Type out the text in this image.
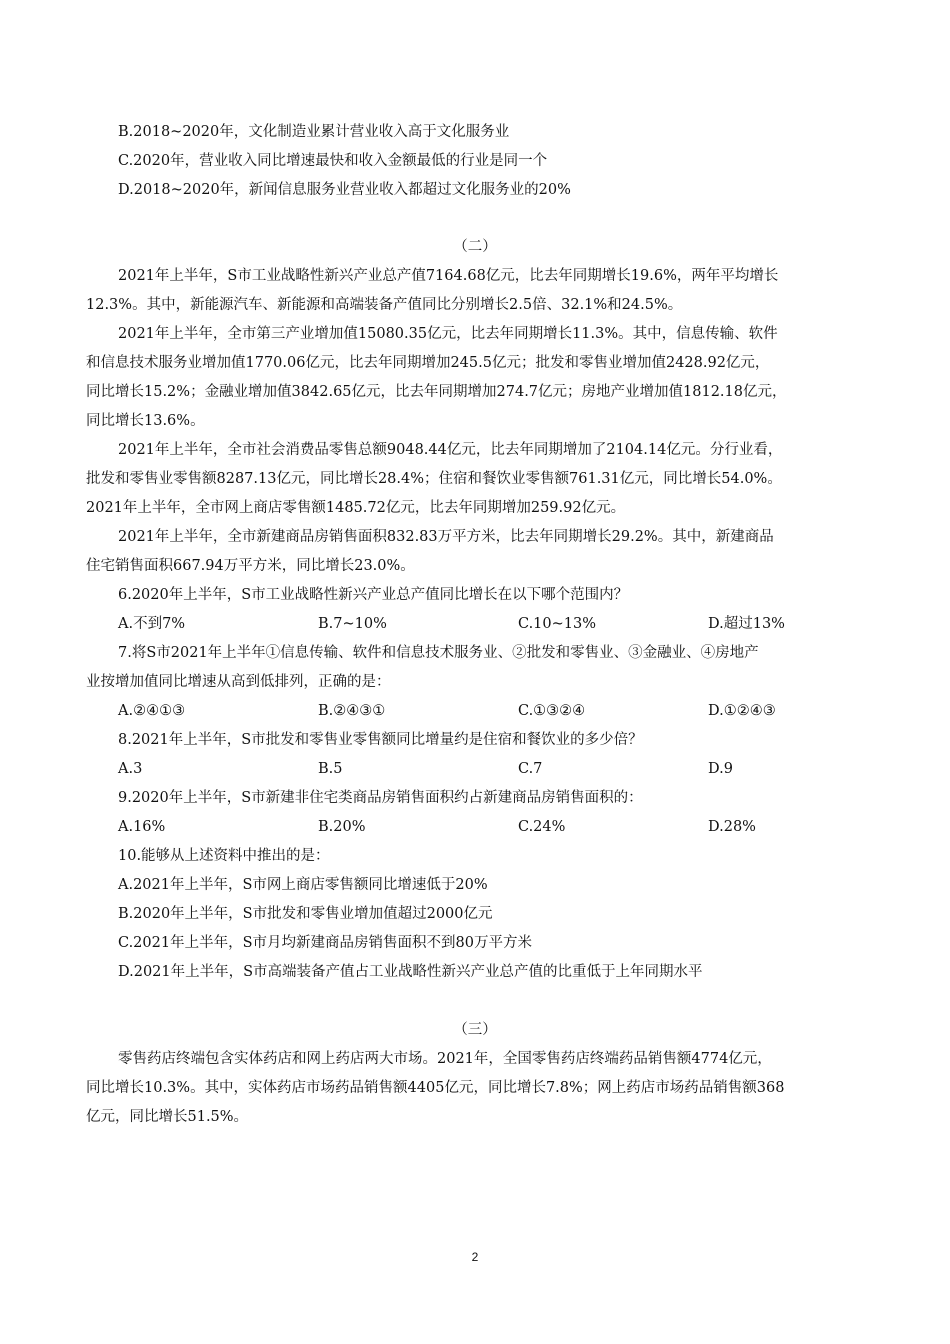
B.2018~2020年，文化制造业累计营业收入高于文化服务业
C.2020年，营业收入同比增速最快和收入金额最低的行业是同一个
D.2018~2020年，新闻信息服务业营业收入都超过文化服务业的20%
（二）
2021年上半年，S市工业战略性新兴产业总产值7164.68亿元，比去年同期增长19.6%，两年平均增长
12.3%。其中，新能源汽车、新能源和高端装备产值同比分别增长2.5倍、32.1%和24.5%。
2021年上半年，全市第三产业增加值15080.35亿元，比去年同期增长11.3%。其中，信息传输、软件
和信息技术服务业增加值1770.06亿元，比去年同期增加245.5亿元；批发和零售业增加值2428.92亿元，
同比增长15.2%；金融业增加值3842.65亿元，比去年同期增加274.7亿元；房地产业增加值1812.18亿元，
同比增长13.6%。
2021年上半年，全市社会消费品零售总额9048.44亿元，比去年同期增加了2104.14亿元。分行业看，
批发和零售业零售额8287.13亿元，同比增长28.4%；住宿和餐饮业零售额761.31亿元，同比增长54.0%。
2021年上半年，全市网上商店零售额1485.72亿元，比去年同期增加259.92亿元。
2021年上半年，全市新建商品房销售面积832.83万平方米，比去年同期增长29.2%。其中，新建商品
住宅销售面积667.94万平方米，同比增长23.0%。
6.2020年上半年，S市工业战略性新兴产业总产值同比增长在以下哪个范围内？
A.不到7%	B.7~10%	C.10~13%	D.超过13%
7.将S市2021年上半年①信息传输、软件和信息技术服务业、②批发和零售业、③金融业、④房地产
业按增加值同比增速从高到低排列，正确的是：
A.②④①③	B.②④③①	C.①③②④	D.①②④③
8.2021年上半年，S市批发和零售业零售额同比增量约是住宿和餐饮业的多少倍？
A.3	B.5	C.7	D.9
9.2020年上半年，S市新建非住宅类商品房销售面积约占新建商品房销售面积的：
A.16%	B.20%	C.24%	D.28%
10.能够从上述资料中推出的是：
A.2021年上半年，S市网上商店零售额同比增速低于20%
B.2020年上半年，S市批发和零售业增加值超过2000亿元
C.2021年上半年，S市月均新建商品房销售面积不到80万平方米
D.2021年上半年，S市高端装备产值占工业战略性新兴产业总产值的比重低于上年同期水平
（三）
零售药店终端包含实体药店和网上药店两大市场。2021年，全国零售药店终端药品销售额4774亿元，
同比增长10.3%。其中，实体药店市场药品销售额4405亿元，同比增长7.8%；网上药店市场药品销售额368
亿元，同比增长51.5%。
2
